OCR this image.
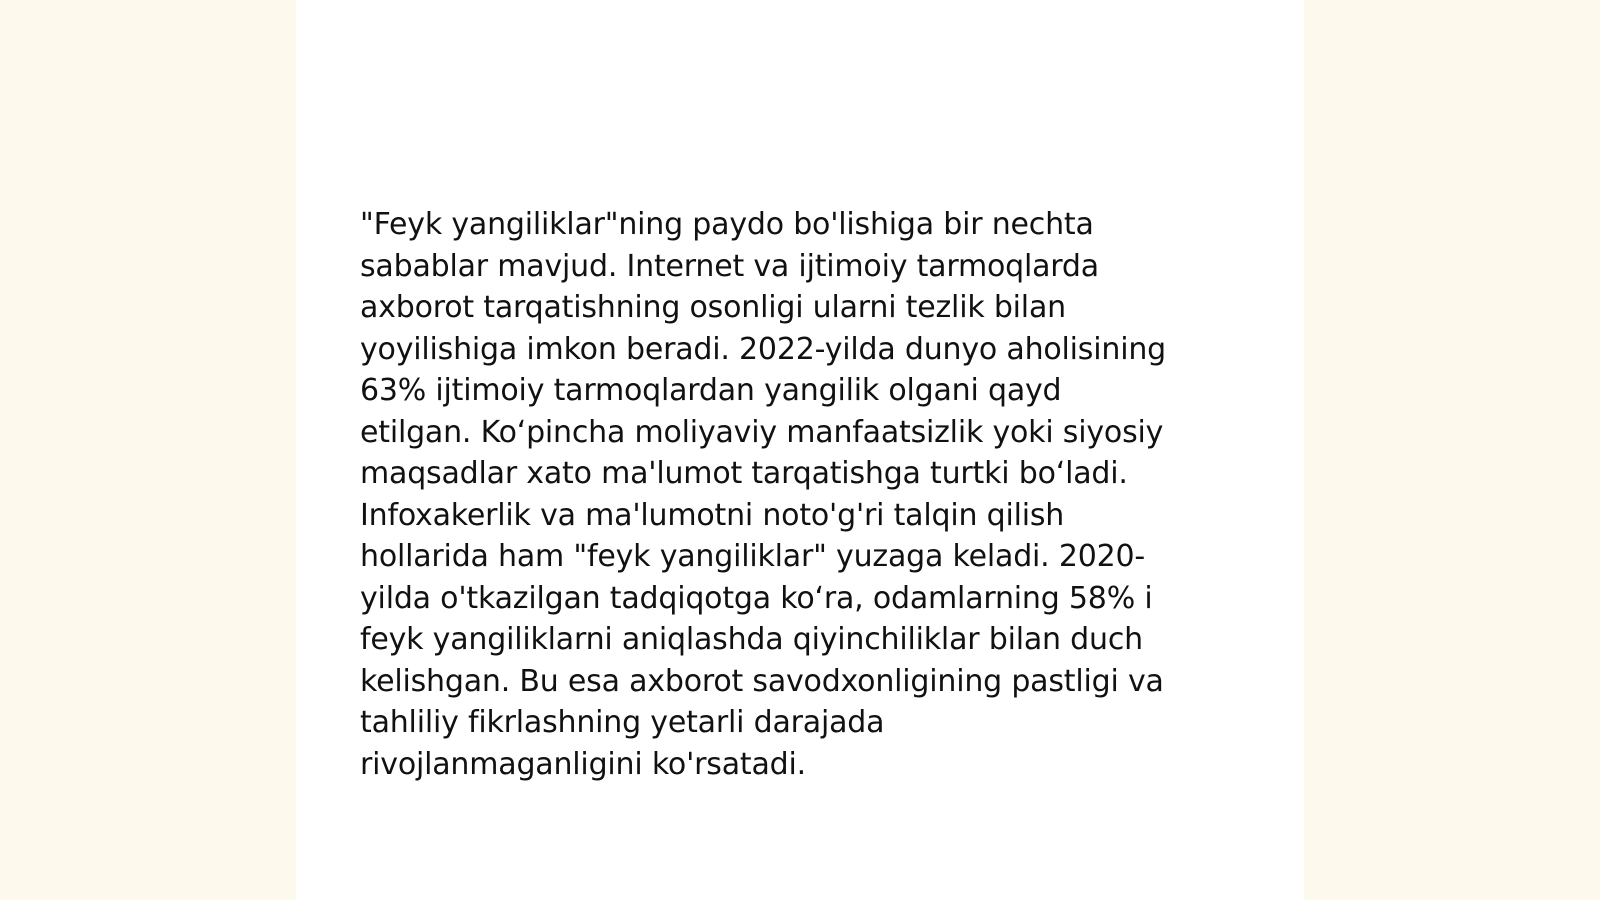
"Feyk yangiliklar"ning paydo bo'lishiga bir nechta
sabablar mavjud. Internet va ijtimoiy tarmoqlarda
axborot tarqatishning osonligi ularni tezlik bilan
yoyilishiga imkon beradi. 2022-yilda dunyo aholisining
63% ijtimoiy tarmoqlardan yangilik olgani qayd
etilgan. Koʻpincha moliyaviy manfaatsizlik yoki siyosiy
maqsadlar xato ma'lumot tarqatishga turtki boʻladi.
Infoxakerlik va ma'lumotni noto'g'ri talqin qilish
hollarida ham "feyk yangiliklar" yuzaga keladi. 2020-
yilda o'tkazilgan tadqiqotga koʻra, odamlarning 58% i
feyk yangiliklarni aniqlashda qiyinchiliklar bilan duch
kelishgan. Bu esa axborot savodxonligining pastligi va
tahliliy fikrlashning yetarli darajada
rivojlanmaganligini ko'rsatadi.
